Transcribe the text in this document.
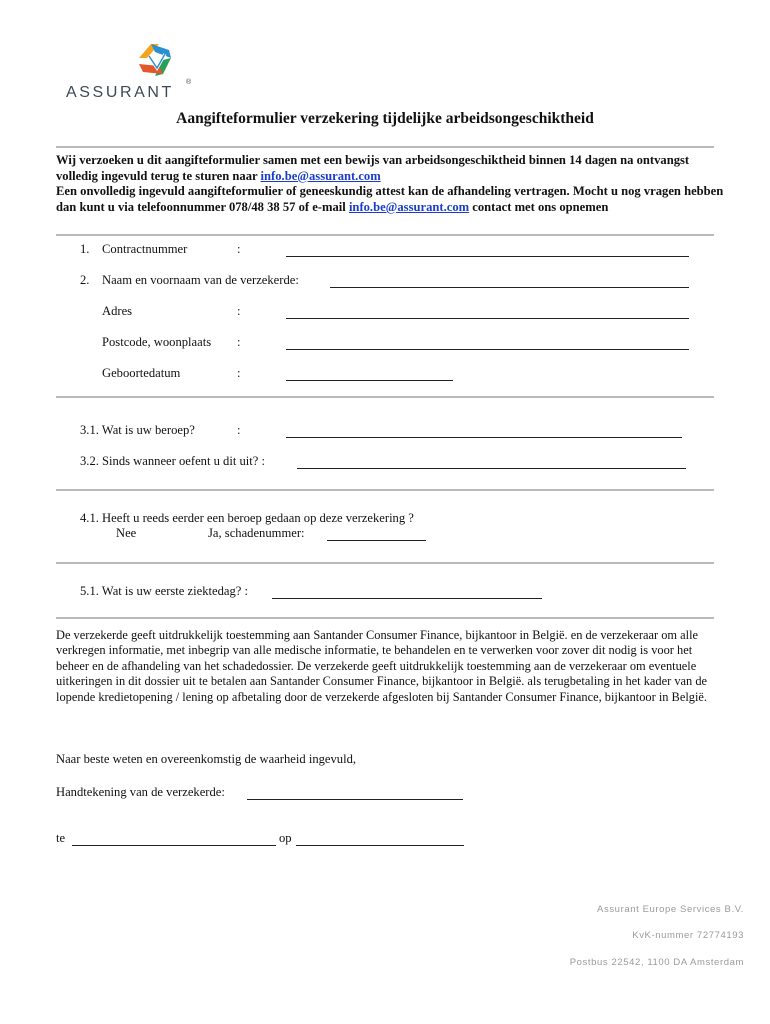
ASSURANT
®
Aangifteformulier verzekering tijdelijke arbeidsongeschiktheid
Wij verzoeken u dit aangifteformulier samen met een bewijs van arbeidsongeschiktheid binnen 14 dagen na ontvangst volledig ingevuld terug te sturen naar info.be@assurant.com
Een onvolledig ingevuld aangifteformulier of geneeskundig attest kan de afhandeling vertragen. Mocht u nog vragen hebben dan kunt u via telefoonnummer 078/48 38 57 of e-mail info.be@assurant.com contact met ons opnemen
1. Contractnummer	:
2. Naam en voornaam van de verzekerde:
Adres	:
Postcode, woonplaats :
Geboortedatum	:
3.1. Wat is uw beroep?	:
3.2. Sinds wanneer oefent u dit uit? :
4.1. Heeft u reeds eerder een beroep gedaan op deze verzekering ?
Nee	Ja, schadenummer:
5.1. Wat is uw eerste ziektedag? :
De verzekerde geeft uitdrukkelijk toestemming aan Santander Consumer Finance, bijkantoor in België. en de verzekeraar om alle verkregen informatie, met inbegrip van alle medische informatie, te behandelen en te verwerken voor zover dit nodig is voor het beheer en de afhandeling van het schadedossier. De verzekerde geeft uitdrukkelijk toestemming aan de verzekeraar om eventuele uitkeringen in dit dossier uit te betalen aan Santander Consumer Finance, bijkantoor in België. als terugbetaling in het kader van de lopende kredietopening / lening op afbetaling door de verzekerde afgesloten bij Santander Consumer Finance, bijkantoor in België.
Naar beste weten en overeenkomstig de waarheid ingevuld,
Handtekening van de verzekerde:
te	op
Assurant Europe Services B.V.
KvK-nummer 72774193
Postbus 22542, 1100 DA Amsterdam
